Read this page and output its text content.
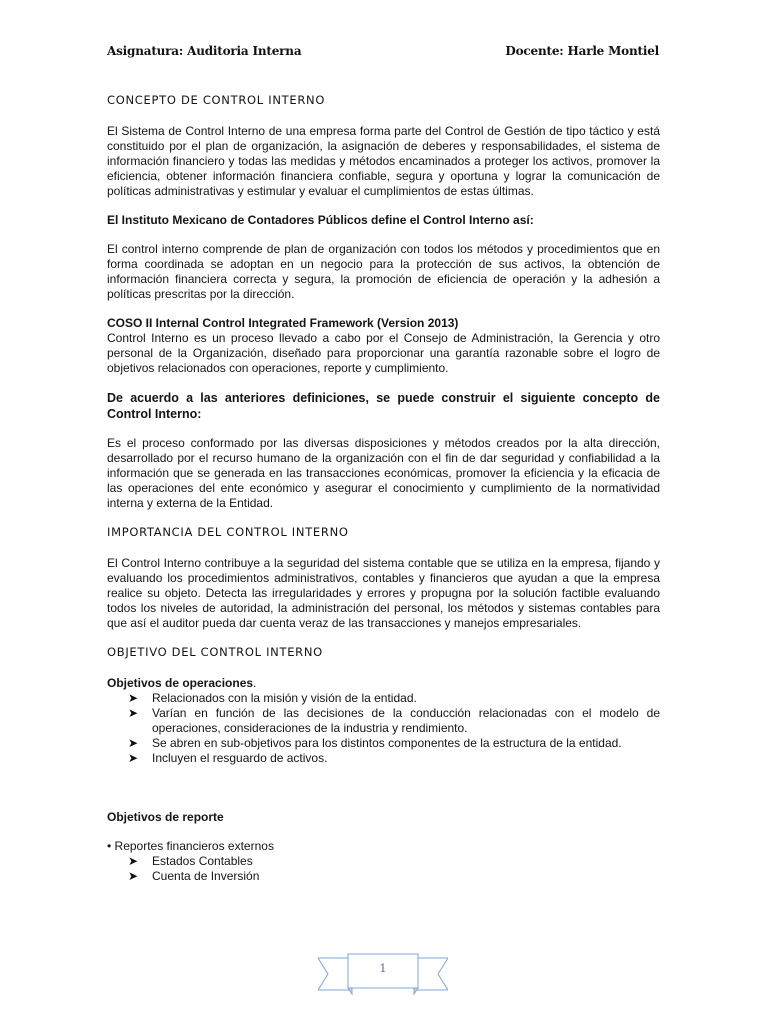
Asignatura: Auditoria Interna	Docente: Harle Montiel
CONCEPTO DE CONTROL INTERNO
El Sistema de Control Interno de una empresa forma parte del Control de Gestión de tipo táctico y está constituido por el plan de organización, la asignación de deberes y responsabilidades, el sistema de información financiero y todas las medidas y métodos encaminados a proteger los activos, promover la eficiencia, obtener información financiera confiable, segura y oportuna y lograr la comunicación de políticas administrativas y estimular y evaluar el cumplimientos de estas últimas.
El Instituto Mexicano de Contadores Públicos define el Control Interno así:
El control interno comprende de plan de organización con todos los métodos y procedimientos que en forma coordinada se adoptan en un negocio para la protección de sus activos, la obtención de información financiera correcta y segura, la promoción de eficiencia de operación y la adhesión a políticas prescritas por la dirección.
COSO II Internal Control Integrated Framework (Version 2013)
Control Interno es un proceso llevado a cabo por el Consejo de Administración, la Gerencia y otro personal de la Organización, diseñado para proporcionar una garantía razonable sobre el logro de objetivos relacionados con operaciones, reporte y cumplimiento.
De acuerdo a las anteriores definiciones, se puede construir el siguiente concepto de Control Interno:
Es el proceso conformado por las diversas disposiciones y métodos creados por la alta dirección, desarrollado por el recurso humano de la organización con el fin de dar seguridad y confiabilidad a la información que se generada en las transacciones económicas, promover la eficiencia y la eficacia de las operaciones del ente económico y asegurar el conocimiento y cumplimiento de la normatividad interna y externa de la Entidad.
IMPORTANCIA DEL CONTROL INTERNO
El Control Interno contribuye a la seguridad del sistema contable que se utiliza en la empresa, fijando y evaluando los procedimientos administrativos, contables y financieros que ayudan a que la empresa realice su objeto. Detecta las irregularidades y errores y propugna por la solución factible evaluando todos los niveles de autoridad, la administración del personal, los métodos y sistemas contables para que así el auditor pueda dar cuenta veraz de las transacciones y manejos empresariales.
OBJETIVO DEL CONTROL INTERNO
Objetivos de operaciones.
➤ Relacionados con la misión y visión de la entidad.
➤ Varían en función de las decisiones de la conducción relacionadas con el modelo de operaciones, consideraciones de la industria y rendimiento.
➤ Se abren en sub-objetivos para los distintos componentes de la estructura de la entidad.
➤ Incluyen el resguardo de activos.
Objetivos de reporte
• Reportes financieros externos
➤ Estados Contables
➤ Cuenta de Inversión
1
